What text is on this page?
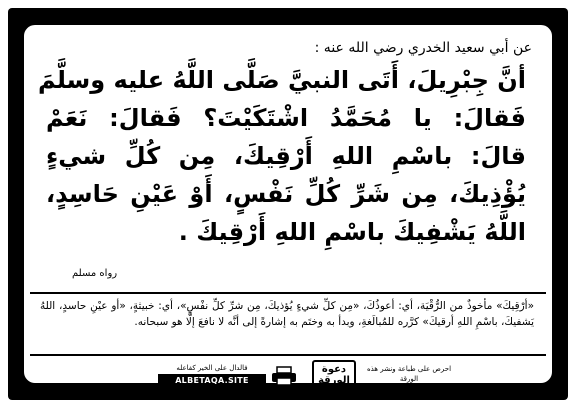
عن أبي سعيد الخدري رضي الله عنه :
أنَّ جِبْرِيلَ، أَتَى النبيَّ صَلَّى اللَّهُ عليه وسلَّمَ
فَقالَ: يا مُحَمَّدُ اشْتَكَيْتَ؟ فَقالَ: نَعَمْ
قالَ: باسْمِ اللهِ أَرْقِيكَ، مِن كُلِّ شيءٍ
يُؤْذِيكَ، مِن شَرِّ كُلِّ نَفْسٍ، أَوْ عَيْنِ حَاسِدٍ،
اللَّهُ يَشْفِيكَ باسْمِ اللهِ أَرْقِيكَ .
رواه مسلم
«أرْقِيكَ» مأخوذٌ من الرُّقْيَة، أي: أعوذُكَ، «مِن كلِّ شيءٍ يُؤذيكَ، مِن شرِّ كلِّ نفْسٍ»، أي: خبيثةٍ، «أو عيْنِ حاسدٍ، اللهُ يَشفيكَ، باسْمِ اللهِ أرقيكَ» كرَّره للمُبالَغةِ، وبدأ به وختَم به إشارةً إلى أنَّه لا نافعَ إلَّا هو سبحانه.
فالدال على الخير كفاعله
ALBETAQA.SITE
دعوة الورقة
احرص على طباعة ونشر هذه الورقة
